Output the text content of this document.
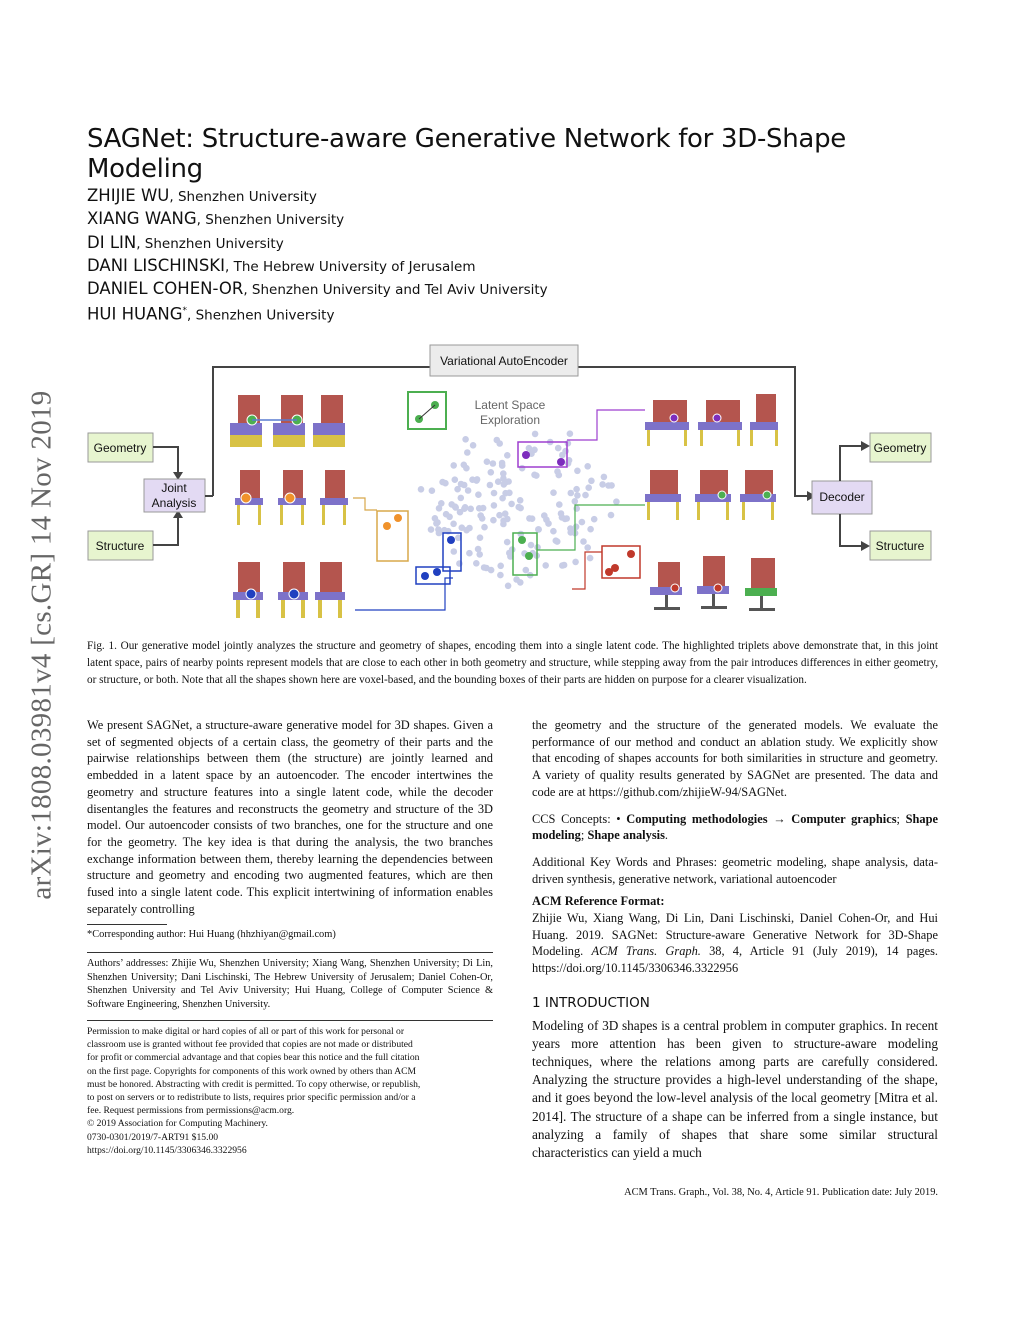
arXiv:1808.03981v4 [cs.GR] 14 Nov 2019
SAGNet: Structure-aware Generative Network for 3D-Shape Modeling
ZHIJIE WU, Shenzhen University
XIANG WANG, Shenzhen University
DI LIN, Shenzhen University
DANI LISCHINSKI, The Hebrew University of Jerusalem
DANIEL COHEN-OR, Shenzhen University and Tel Aviv University
HUI HUANG*, Shenzhen University
Variational AutoEncoder
Geometry
Structure
Joint
Analysis
Latent Space
Exploration
Decoder
Geometry
Structure
Fig. 1. Our generative model jointly analyzes the structure and geometry of shapes, encoding them into a single latent code. The highlighted triplets above demonstrate that, in this joint latent space, pairs of nearby points represent models that are close to each other in both geometry and structure, while stepping away from the pair introduces differences in either geometry, or structure, or both. Note that all the shapes shown here are voxel-based, and the bounding boxes of their parts are hidden on purpose for a clearer visualization.

We present SAGNet, a structure-aware generative model for 3D shapes. Given a set of segmented objects of a certain class, the geometry of their parts and the pairwise relationships between them (the structure) are jointly learned and embedded in a latent space by an autoencoder. The encoder intertwines the geometry and structure features into a single latent code, while the decoder disentangles the features and reconstructs the geometry and structure of the 3D model. Our autoencoder consists of two branches, one for the structure and one for the geometry. The key idea is that during the analysis, the two branches exchange information between them, thereby learning the dependencies between structure and geometry and encoding two augmented features, which are then fused into a single latent code. This explicit intertwining of information enables separately controlling

*Corresponding author: Hui Huang (hhzhiyan@gmail.com)
Authors’ addresses: Zhijie Wu, Shenzhen University; Xiang Wang, Shenzhen University; Di Lin, Shenzhen University; Dani Lischinski, The Hebrew University of Jerusalem; Daniel Cohen-Or, Shenzhen University and Tel Aviv University; Hui Huang, College of Computer Science & Software Engineering, Shenzhen University.
Permission to make digital or hard copies of all or part of this work for personal or
classroom use is granted without fee provided that copies are not made or distributed
for profit or commercial advantage and that copies bear this notice and the full citation
on the first page. Copyrights for components of this work owned by others than ACM
must be honored. Abstracting with credit is permitted. To copy otherwise, or republish,
to post on servers or to redistribute to lists, requires prior specific permission and/or a
fee. Request permissions from permissions@acm.org.
© 2019 Association for Computing Machinery.
0730-0301/2019/7-ART91 $15.00
https://doi.org/10.1145/3306346.3322956

the geometry and the structure of the generated models. We evaluate the performance of our method and conduct an ablation study. We explicitly show that encoding of shapes accounts for both similarities in structure and geometry. A variety of quality results generated by SAGNet are presented. The data and code are at https://github.com/zhijieW-94/SAGNet.

CCS Concepts: • Computing methodologies → Computer graphics; Shape modeling; Shape analysis.

Additional Key Words and Phrases: geometric modeling, shape analysis, data-driven synthesis, generative network, variational autoencoder

ACM Reference Format:

Zhijie Wu, Xiang Wang, Di Lin, Dani Lischinski, Daniel Cohen-Or, and Hui Huang. 2019. SAGNet: Structure-aware Generative Network for 3D-Shape Modeling. ACM Trans. Graph. 38, 4, Article 91 (July 2019), 14 pages. https://doi.org/10.1145/3306346.3322956

1 INTRODUCTION

Modeling of 3D shapes is a central problem in computer graphics. In recent years more attention has been given to structure-aware modeling techniques, where the relations among parts are carefully considered. Analyzing the structure provides a high-level understanding of the shape, and it goes beyond the low-level analysis of the local geometry [Mitra et al. 2014]. The structure of a shape can be inferred from a single instance, but analyzing a family of shapes that share some similar structural characteristics can yield a much

ACM Trans. Graph., Vol. 38, No. 4, Article 91. Publication date: July 2019.
